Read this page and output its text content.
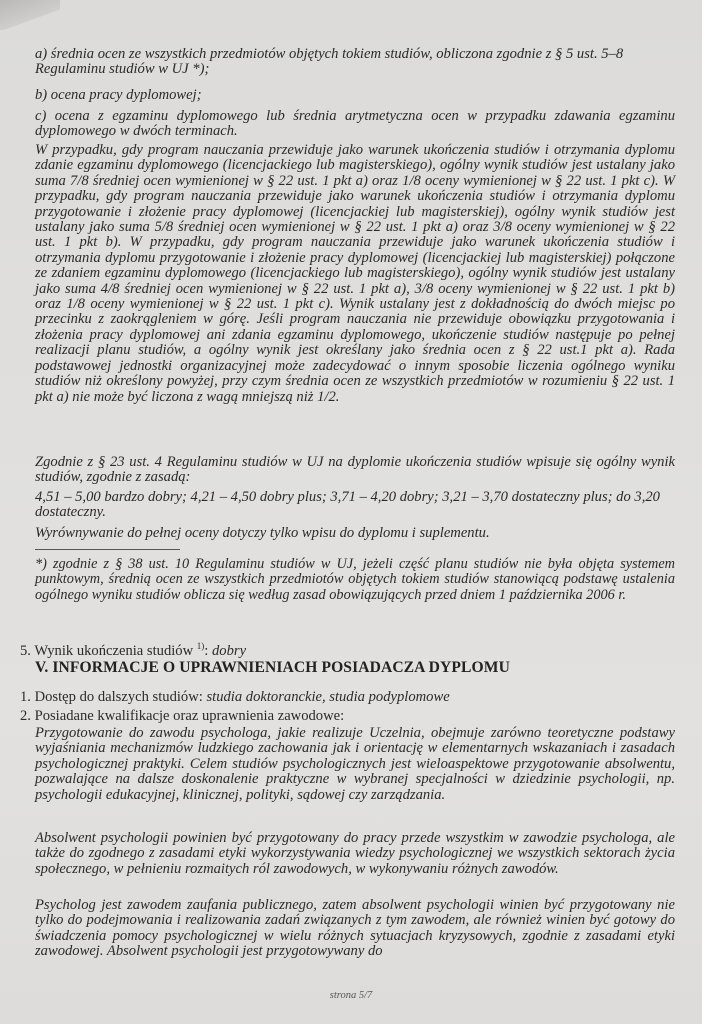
a) średnia ocen ze wszystkich przedmiotów objętych tokiem studiów, obliczona zgodnie z § 5 ust. 5–8 Regulaminu studiów w UJ *);
b) ocena pracy dyplomowej;
c) ocena z egzaminu dyplomowego lub średnia arytmetyczna ocen w przypadku zdawania egzaminu dyplomowego w dwóch terminach.
W przypadku, gdy program nauczania przewiduje jako warunek ukończenia studiów i otrzymania dyplomu zdanie egzaminu dyplomowego (licencjackiego lub magisterskiego), ogólny wynik studiów jest ustalany jako suma 7/8 średniej ocen wymienionej w § 22 ust. 1 pkt a) oraz 1/8 oceny wymienionej w § 22 ust. 1 pkt c). W przypadku, gdy program nauczania przewiduje jako warunek ukończenia studiów i otrzymania dyplomu przygotowanie i złożenie pracy dyplomowej (licencjackiej lub magisterskiej), ogólny wynik studiów jest ustalany jako suma 5/8 średniej ocen wymienionej w § 22 ust. 1 pkt a) oraz 3/8 oceny wymienionej w § 22 ust. 1 pkt b). W przypadku, gdy program nauczania przewiduje jako warunek ukończenia studiów i otrzymania dyplomu przygotowanie i złożenie pracy dyplomowej (licencjackiej lub magisterskiej) połączone ze zdaniem egzaminu dyplomowego (licencjackiego lub magisterskiego), ogólny wynik studiów jest ustalany jako suma 4/8 średniej ocen wymienionej w § 22 ust. 1 pkt a), 3/8 oceny wymienionej w § 22 ust. 1 pkt b) oraz 1/8 oceny wymienionej w § 22 ust. 1 pkt c). Wynik ustalany jest z dokładnością do dwóch miejsc po przecinku z zaokrągleniem w górę. Jeśli program nauczania nie przewiduje obowiązku przygotowania i złożenia pracy dyplomowej ani zdania egzaminu dyplomowego, ukończenie studiów następuje po pełnej realizacji planu studiów, a ogólny wynik jest określany jako średnia ocen z § 22 ust.1 pkt a). Rada podstawowej jednostki organizacyjnej może zadecydować o innym sposobie liczenia ogólnego wyniku studiów niż określony powyżej, przy czym średnia ocen ze wszystkich przedmiotów w rozumieniu § 22 ust. 1 pkt a) nie może być liczona z wagą mniejszą niż 1/2.
Zgodnie z § 23 ust. 4 Regulaminu studiów w UJ na dyplomie ukończenia studiów wpisuje się ogólny wynik studiów, zgodnie z zasadą:
4,51 – 5,00 bardzo dobry; 4,21 – 4,50 dobry plus; 3,71 – 4,20 dobry; 3,21 – 3,70 dostateczny plus; do 3,20 dostateczny.
Wyrównywanie do pełnej oceny dotyczy tylko wpisu do dyplomu i suplementu.
*) zgodnie z § 38 ust. 10 Regulaminu studiów w UJ, jeżeli część planu studiów nie była objęta systemem punktowym, średnią ocen ze wszystkich przedmiotów objętych tokiem studiów stanowiącą podstawę ustalenia ogólnego wyniku studiów oblicza się według zasad obowiązujących przed dniem 1 października 2006 r.
5. Wynik ukończenia studiów $^{1)}$: dobry
V. INFORMACJE O UPRAWNIENIACH POSIADACZA DYPLOMU
1. Dostęp do dalszych studiów: studia doktoranckie, studia podyplomowe
2. Posiadane kwalifikacje oraz uprawnienia zawodowe:
Przygotowanie do zawodu psychologa, jakie realizuje Uczelnia, obejmuje zarówno teoretyczne podstawy wyjaśniania mechanizmów ludzkiego zachowania jak i orientację w elementarnych wskazaniach i zasadach psychologicznej praktyki. Celem studiów psychologicznych jest wieloaspektowe przygotowanie absolwentu, pozwalające na dalsze doskonalenie praktyczne w wybranej specjalności w dziedzinie psychologii, np. psychologii edukacyjnej, klinicznej, polityki, sądowej czy zarządzania.
Absolwent psychologii powinien być przygotowany do pracy przede wszystkim w zawodzie psychologa, ale także do zgodnego z zasadami etyki wykorzystywania wiedzy psychologicznej we wszystkich sektorach życia społecznego, w pełnieniu rozmaitych ról zawodowych, w wykonywaniu różnych zawodów.
Psycholog jest zawodem zaufania publicznego, zatem absolwent psychologii winien być przygotowany nie tylko do podejmowania i realizowania zadań związanych z tym zawodem, ale również winien być gotowy do świadczenia pomocy psychologicznej w wielu różnych sytuacjach kryzysowych, zgodnie z zasadami etyki zawodowej. Absolwent psychologii jest przygotowywany do
strona 5/7
